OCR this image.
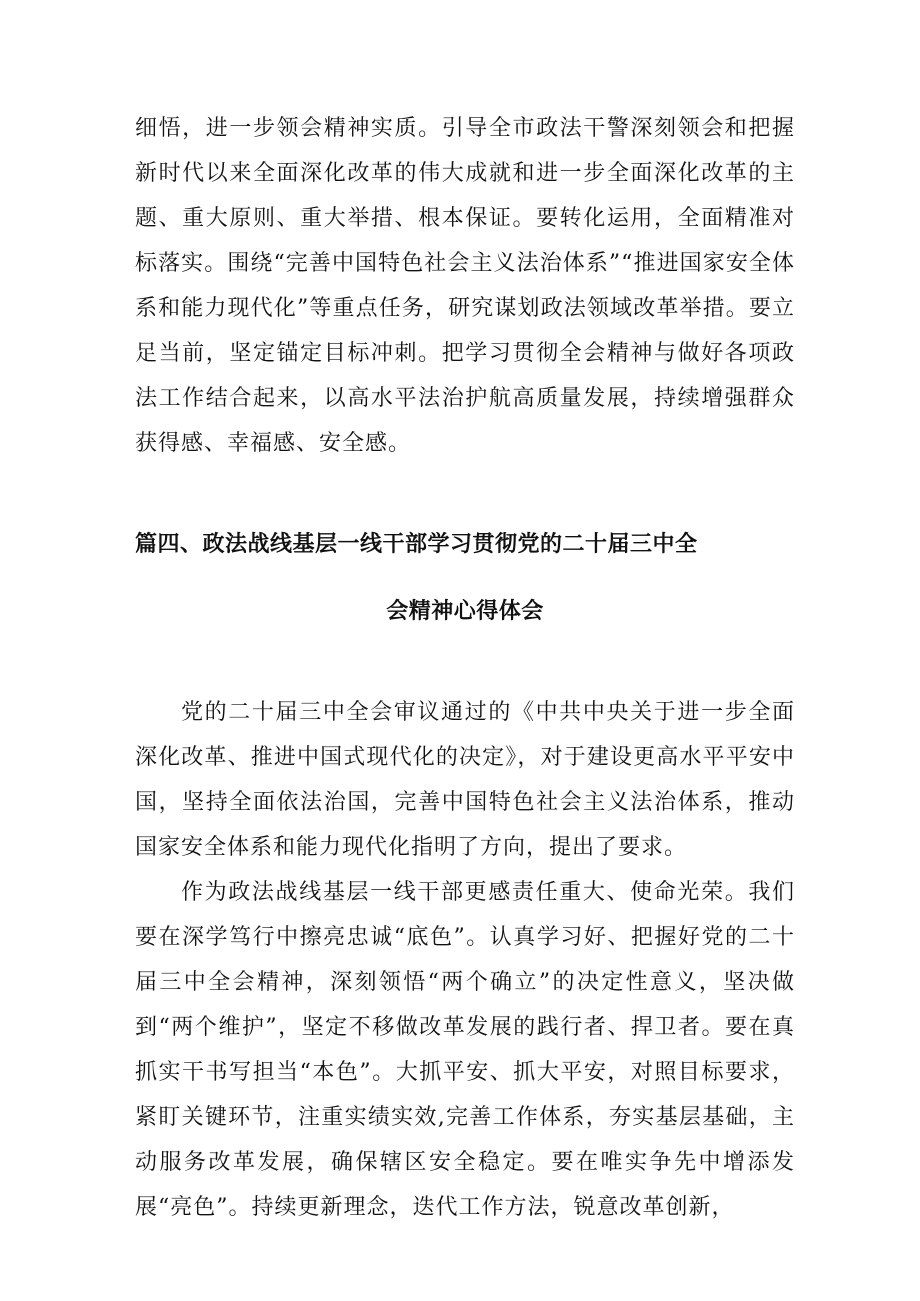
细悟，进一步领会精神实质。引导全市政法干警深刻领会和把握新时代以来全面深化改革的伟大成就和进一步全面深化改革的主题、重大原则、重大举措、根本保证。要转化运用，全面精准对标落实。围绕“完善中国特色社会主义法治体系”“推进国家安全体系和能力现代化”等重点任务，研究谋划政法领域改革举措。要立足当前，坚定锚定目标冲刺。把学习贯彻全会精神与做好各项政法工作结合起来，以高水平法治护航高质量发展，持续增强群众获得感、幸福感、安全感。

篇四、政法战线基层一线干部学习贯彻党的二十届三中全
会精神心得体会

党的二十届三中全会审议通过的《中共中央关于进一步全面深化改革、推进中国式现代化的决定》，对于建设更高水平平安中国，坚持全面依法治国，完善中国特色社会主义法治体系，推动国家安全体系和能力现代化指明了方向，提出了要求。

作为政法战线基层一线干部更感责任重大、使命光荣。我们要在深学笃行中擦亮忠诚“底色”。认真学习好、把握好党的二十届三中全会精神，深刻领悟“两个确立”的决定性意义，坚决做到“两个维护”，坚定不移做改革发展的践行者、捍卫者。要在真抓实干书写担当“本色”。大抓平安、抓大平安，对照目标要求，紧盯关键环节，注重实绩实效,完善工作体系，夯实基层基础，主动服务改革发展，确保辖区安全稳定。要在唯实争先中增添发展“亮色”。持续更新理念，迭代工作方法，锐意改革创新，
